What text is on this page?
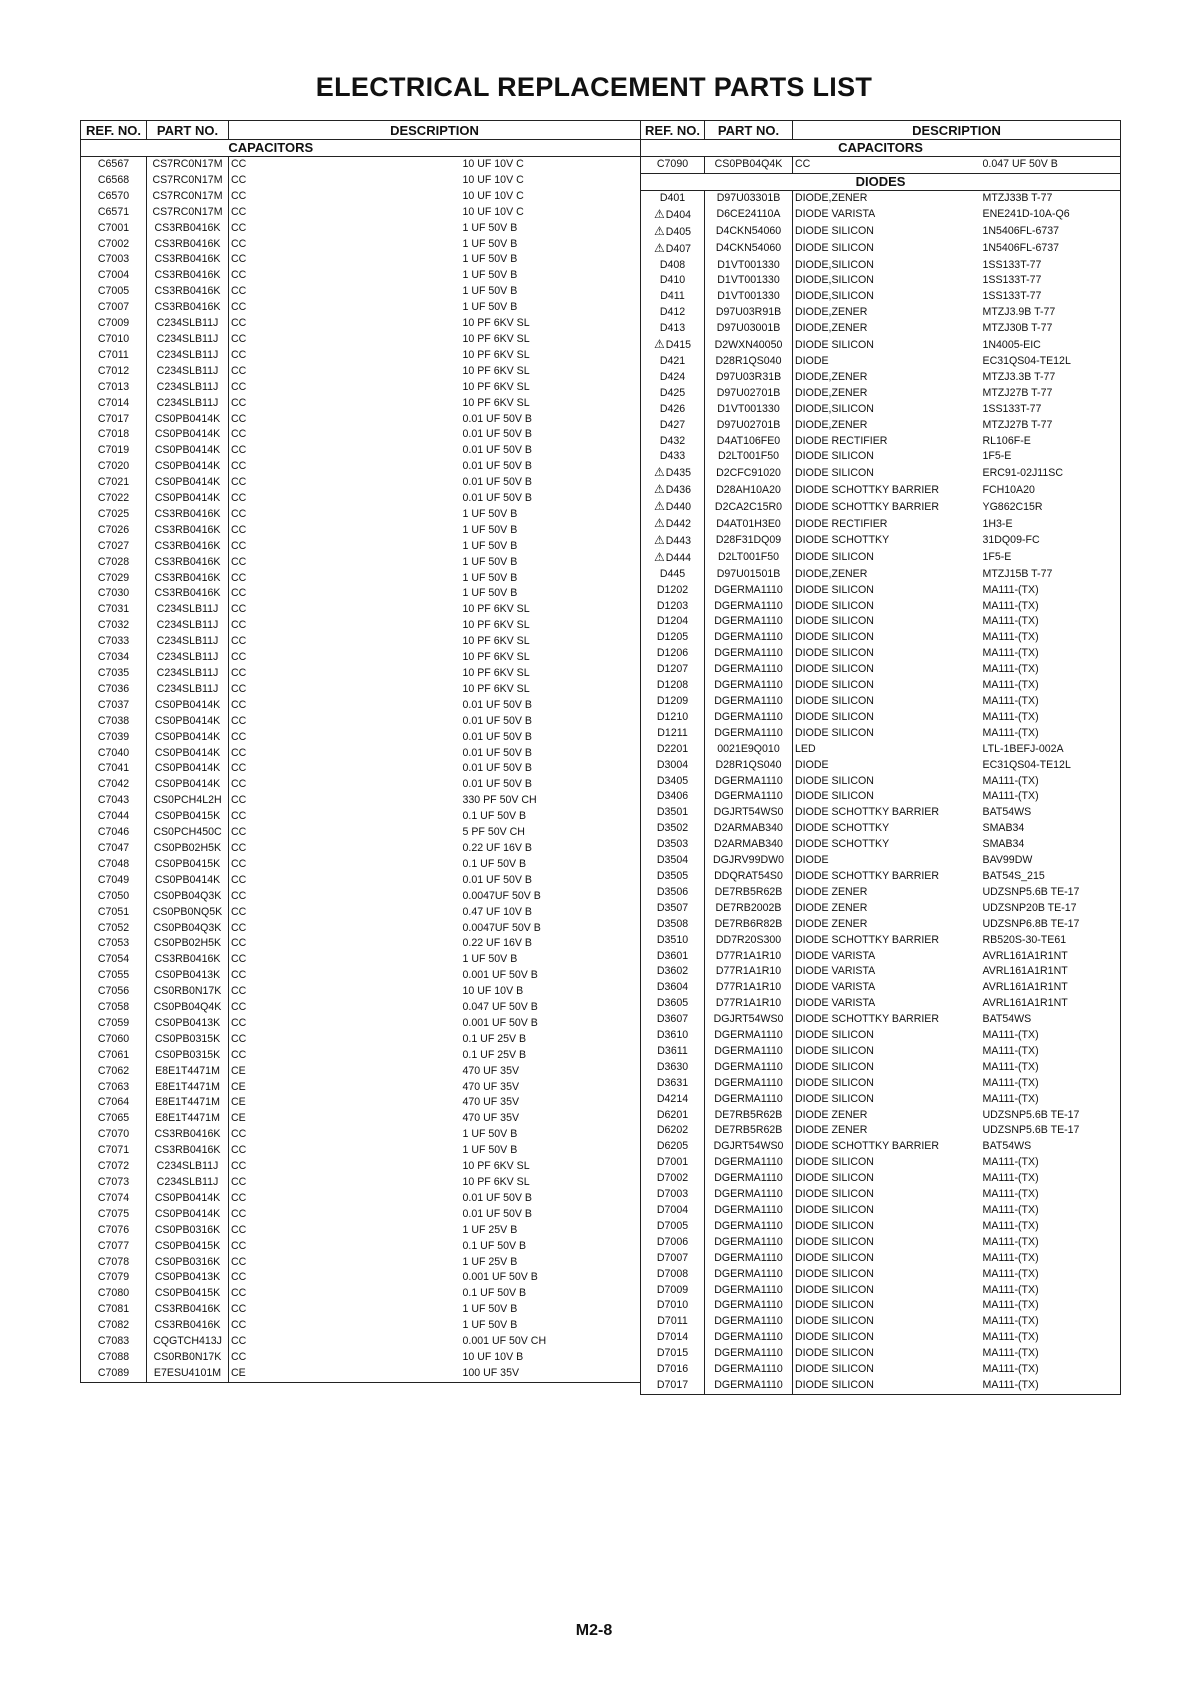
ELECTRICAL REPLACEMENT PARTS LIST
REF. NO.	PART NO.	DESCRIPTION	
CAPACITORS			
C6567	CS7RC0N17M	CC	10 UF 10V C
C6568	CS7RC0N17M	CC	10 UF 10V C
C6570	CS7RC0N17M	CC	10 UF 10V C
C6571	CS7RC0N17M	CC	10 UF 10V C
C7001	CS3RB0416K	CC	1 UF 50V B
C7002	CS3RB0416K	CC	1 UF 50V B
C7003	CS3RB0416K	CC	1 UF 50V B
C7004	CS3RB0416K	CC	1 UF 50V B
C7005	CS3RB0416K	CC	1 UF 50V B
C7007	CS3RB0416K	CC	1 UF 50V B
C7009	C234SLB11J	CC	10 PF 6KV SL
C7010	C234SLB11J	CC	10 PF 6KV SL
C7011	C234SLB11J	CC	10 PF 6KV SL
C7012	C234SLB11J	CC	10 PF 6KV SL
C7013	C234SLB11J	CC	10 PF 6KV SL
C7014	C234SLB11J	CC	10 PF 6KV SL
C7017	CS0PB0414K	CC	0.01 UF 50V B
C7018	CS0PB0414K	CC	0.01 UF 50V B
C7019	CS0PB0414K	CC	0.01 UF 50V B
C7020	CS0PB0414K	CC	0.01 UF 50V B
C7021	CS0PB0414K	CC	0.01 UF 50V B
C7022	CS0PB0414K	CC	0.01 UF 50V B
C7025	CS3RB0416K	CC	1 UF 50V B
C7026	CS3RB0416K	CC	1 UF 50V B
C7027	CS3RB0416K	CC	1 UF 50V B
C7028	CS3RB0416K	CC	1 UF 50V B
C7029	CS3RB0416K	CC	1 UF 50V B
C7030	CS3RB0416K	CC	1 UF 50V B
C7031	C234SLB11J	CC	10 PF 6KV SL
C7032	C234SLB11J	CC	10 PF 6KV SL
C7033	C234SLB11J	CC	10 PF 6KV SL
C7034	C234SLB11J	CC	10 PF 6KV SL
C7035	C234SLB11J	CC	10 PF 6KV SL
C7036	C234SLB11J	CC	10 PF 6KV SL
C7037	CS0PB0414K	CC	0.01 UF 50V B
C7038	CS0PB0414K	CC	0.01 UF 50V B
C7039	CS0PB0414K	CC	0.01 UF 50V B
C7040	CS0PB0414K	CC	0.01 UF 50V B
C7041	CS0PB0414K	CC	0.01 UF 50V B
C7042	CS0PB0414K	CC	0.01 UF 50V B
C7043	CS0PCH4L2H	CC	330 PF 50V CH
C7044	CS0PB0415K	CC	0.1 UF 50V B
C7046	CS0PCH450C	CC	5 PF 50V CH
C7047	CS0PB02H5K	CC	0.22 UF 16V B
C7048	CS0PB0415K	CC	0.1 UF 50V B
C7049	CS0PB0414K	CC	0.01 UF 50V B
C7050	CS0PB04Q3K	CC	0.0047UF 50V B
C7051	CS0PB0NQ5K	CC	0.47 UF 10V B
C7052	CS0PB04Q3K	CC	0.0047UF 50V B
C7053	CS0PB02H5K	CC	0.22 UF 16V B
C7054	CS3RB0416K	CC	1 UF 50V B
C7055	CS0PB0413K	CC	0.001 UF 50V B
C7056	CS0RB0N17K	CC	10 UF 10V B
C7058	CS0PB04Q4K	CC	0.047 UF 50V B
C7059	CS0PB0413K	CC	0.001 UF 50V B
C7060	CS0PB0315K	CC	0.1 UF 25V B
C7061	CS0PB0315K	CC	0.1 UF 25V B
C7062	E8E1T4471M	CE	470 UF 35V
C7063	E8E1T4471M	CE	470 UF 35V
C7064	E8E1T4471M	CE	470 UF 35V
C7065	E8E1T4471M	CE	470 UF 35V
C7070	CS3RB0416K	CC	1 UF 50V B
C7071	CS3RB0416K	CC	1 UF 50V B
C7072	C234SLB11J	CC	10 PF 6KV SL
C7073	C234SLB11J	CC	10 PF 6KV SL
C7074	CS0PB0414K	CC	0.01 UF 50V B
C7075	CS0PB0414K	CC	0.01 UF 50V B
C7076	CS0PB0316K	CC	1 UF 25V B
C7077	CS0PB0415K	CC	0.1 UF 50V B
C7078	CS0PB0316K	CC	1 UF 25V B
C7079	CS0PB0413K	CC	0.001 UF 50V B
C7080	CS0PB0415K	CC	0.1 UF 50V B
C7081	CS3RB0416K	CC	1 UF 50V B
C7082	CS3RB0416K	CC	1 UF 50V B
C7083	CQGTCH413J	CC	0.001 UF 50V CH
C7088	CS0RB0N17K	CC	10 UF 10V B
C7089	E7ESU4101M	CE	100 UF 35V
REF. NO.	PART NO.	DESCRIPTION	
CAPACITORS			
C7090	CS0PB04Q4K	CC	0.047 UF 50V B
DIODES			
D401	D97U03301B	DIODE,ZENER	MTZJ33B T-77
⚠D404	D6CE24110A	DIODE VARISTA	ENE241D-10A-Q6
⚠D405	D4CKN54060	DIODE SILICON	1N5406FL-6737
⚠D407	D4CKN54060	DIODE SILICON	1N5406FL-6737
D408	D1VT001330	DIODE,SILICON	1SS133T-77
D410	D1VT001330	DIODE,SILICON	1SS133T-77
D411	D1VT001330	DIODE,SILICON	1SS133T-77
D412	D97U03R91B	DIODE,ZENER	MTZJ3.9B T-77
D413	D97U03001B	DIODE,ZENER	MTZJ30B T-77
⚠D415	D2WXN40050	DIODE SILICON	1N4005-EIC
D421	D28R1QS040	DIODE	EC31QS04-TE12L
D424	D97U03R31B	DIODE,ZENER	MTZJ3.3B T-77
D425	D97U02701B	DIODE,ZENER	MTZJ27B T-77
D426	D1VT001330	DIODE,SILICON	1SS133T-77
D427	D97U02701B	DIODE,ZENER	MTZJ27B T-77
D432	D4AT106FE0	DIODE RECTIFIER	RL106F-E
D433	D2LT001F50	DIODE SILICON	1F5-E
⚠D435	D2CFC91020	DIODE SILICON	ERC91-02J11SC
⚠D436	D28AH10A20	DIODE SCHOTTKY BARRIER	FCH10A20
⚠D440	D2CA2C15R0	DIODE SCHOTTKY BARRIER	YG862C15R
⚠D442	D4AT01H3E0	DIODE RECTIFIER	1H3-E
⚠D443	D28F31DQ09	DIODE SCHOTTKY	31DQ09-FC
⚠D444	D2LT001F50	DIODE SILICON	1F5-E
D445	D97U01501B	DIODE,ZENER	MTZJ15B T-77
D1202	DGERMA1110	DIODE SILICON	MA111-(TX)
D1203	DGERMA1110	DIODE SILICON	MA111-(TX)
D1204	DGERMA1110	DIODE SILICON	MA111-(TX)
D1205	DGERMA1110	DIODE SILICON	MA111-(TX)
D1206	DGERMA1110	DIODE SILICON	MA111-(TX)
D1207	DGERMA1110	DIODE SILICON	MA111-(TX)
D1208	DGERMA1110	DIODE SILICON	MA111-(TX)
D1209	DGERMA1110	DIODE SILICON	MA111-(TX)
D1210	DGERMA1110	DIODE SILICON	MA111-(TX)
D1211	DGERMA1110	DIODE SILICON	MA111-(TX)
D2201	0021E9Q010	LED	LTL-1BEFJ-002A
D3004	D28R1QS040	DIODE	EC31QS04-TE12L
D3405	DGERMA1110	DIODE SILICON	MA111-(TX)
D3406	DGERMA1110	DIODE SILICON	MA111-(TX)
D3501	DGJRT54WS0	DIODE SCHOTTKY BARRIER	BAT54WS
D3502	D2ARMAB340	DIODE SCHOTTKY	SMAB34
D3503	D2ARMAB340	DIODE SCHOTTKY	SMAB34
D3504	DGJRV99DW0	DIODE	BAV99DW
D3505	DDQRAT54S0	DIODE SCHOTTKY BARRIER	BAT54S_215
D3506	DE7RB5R62B	DIODE ZENER	UDZSNP5.6B TE-17
D3507	DE7RB2002B	DIODE ZENER	UDZSNP20B TE-17
D3508	DE7RB6R82B	DIODE ZENER	UDZSNP6.8B TE-17
D3510	DD7R20S300	DIODE SCHOTTKY BARRIER	RB520S-30-TE61
D3601	D77R1A1R10	DIODE VARISTA	AVRL161A1R1NT
D3602	D77R1A1R10	DIODE VARISTA	AVRL161A1R1NT
D3604	D77R1A1R10	DIODE VARISTA	AVRL161A1R1NT
D3605	D77R1A1R10	DIODE VARISTA	AVRL161A1R1NT
D3607	DGJRT54WS0	DIODE SCHOTTKY BARRIER	BAT54WS
D3610	DGERMA1110	DIODE SILICON	MA111-(TX)
D3611	DGERMA1110	DIODE SILICON	MA111-(TX)
D3630	DGERMA1110	DIODE SILICON	MA111-(TX)
D3631	DGERMA1110	DIODE SILICON	MA111-(TX)
D4214	DGERMA1110	DIODE SILICON	MA111-(TX)
D6201	DE7RB5R62B	DIODE ZENER	UDZSNP5.6B TE-17
D6202	DE7RB5R62B	DIODE ZENER	UDZSNP5.6B TE-17
D6205	DGJRT54WS0	DIODE SCHOTTKY BARRIER	BAT54WS
D7001	DGERMA1110	DIODE SILICON	MA111-(TX)
D7002	DGERMA1110	DIODE SILICON	MA111-(TX)
D7003	DGERMA1110	DIODE SILICON	MA111-(TX)
D7004	DGERMA1110	DIODE SILICON	MA111-(TX)
D7005	DGERMA1110	DIODE SILICON	MA111-(TX)
D7006	DGERMA1110	DIODE SILICON	MA111-(TX)
D7007	DGERMA1110	DIODE SILICON	MA111-(TX)
D7008	DGERMA1110	DIODE SILICON	MA111-(TX)
D7009	DGERMA1110	DIODE SILICON	MA111-(TX)
D7010	DGERMA1110	DIODE SILICON	MA111-(TX)
D7011	DGERMA1110	DIODE SILICON	MA111-(TX)
D7014	DGERMA1110	DIODE SILICON	MA111-(TX)
D7015	DGERMA1110	DIODE SILICON	MA111-(TX)
D7016	DGERMA1110	DIODE SILICON	MA111-(TX)
D7017	DGERMA1110	DIODE SILICON	MA111-(TX)
M2-8
